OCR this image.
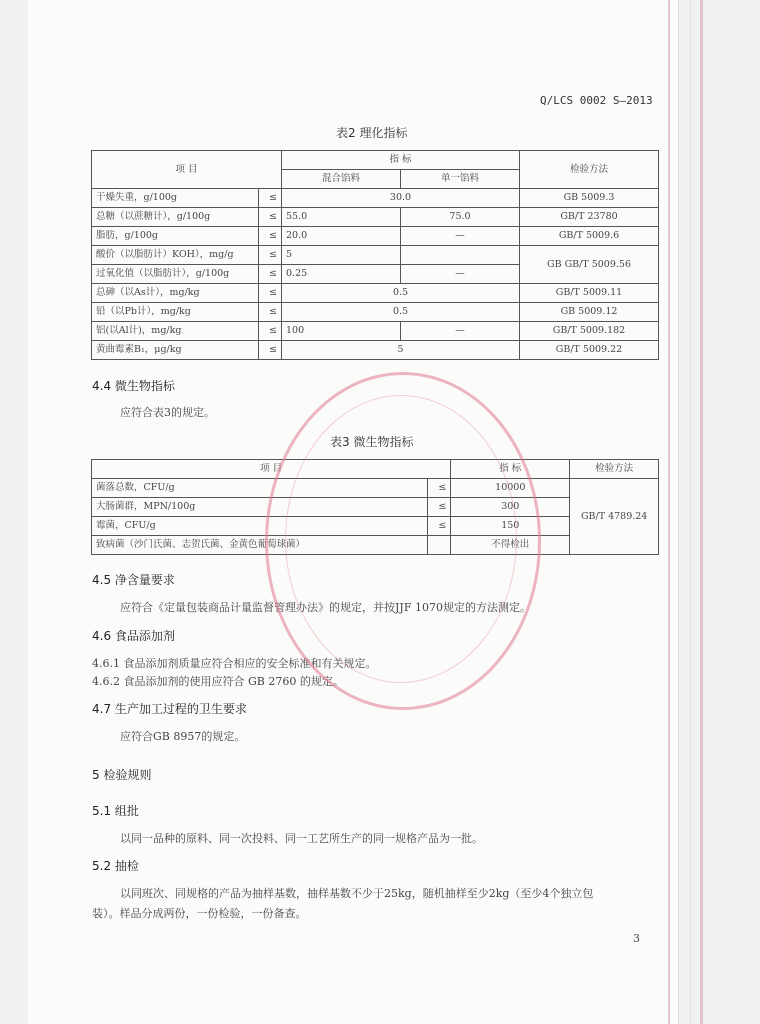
Q/LCS 0002 S—2013
表2 理化指标
项 目		指 标		检验方法
		混合馅料	单一馅料	
干燥失重，g/100g	≤	30.0		GB 5009.3
总糖（以蔗糖计），g/100g	≤	55.0	75.0	GB/T 23780
脂肪，g/100g	≤	20.0	—	GB/T 5009.6
酸价（以脂肪计）KOH），mg/g	≤	5		GB GB/T 5009.56
过氧化值（以脂肪计），g/100g	≤	0.25	—	
总砷（以As计），mg/kg	≤	0.5		GB/T 5009.11
铅（以Pb计），mg/kg	≤	0.5		GB 5009.12
铝(以Al计)，mg/kg	≤	100	—	GB/T 5009.182
黄曲霉素B₁，μg/kg	≤	5		GB/T 5009.22
4.4 微生物指标
应符合表3的规定。
表3 微生物指标
项 目		指 标	检验方法
菌落总数，CFU/g	≤	10000	GB/T 4789.24
大肠菌群，MPN/100g	≤	300	
霉菌，CFU/g	≤	150	
致病菌（沙门氏菌、志贺氏菌、金黄色葡萄球菌）		不得检出	
4.5 净含量要求
应符合《定量包装商品计量监督管理办法》的规定，并按JJF 1070规定的方法测定。
4.6 食品添加剂
4.6.1 食品添加剂质量应符合相应的安全标准和有关规定。
4.6.2 食品添加剂的使用应符合 GB 2760 的规定。
4.7 生产加工过程的卫生要求
应符合GB 8957的规定。
5 检验规则
5.1 组批
以同一品种的原料、同一次投料、同一工艺所生产的同一规格产品为一批。
5.2 抽检
以同班次、同规格的产品为抽样基数，抽样基数不少于25kg，随机抽样至少2kg（至少4个独立包
装）。样品分成两份，一份检验，一份备查。
3
